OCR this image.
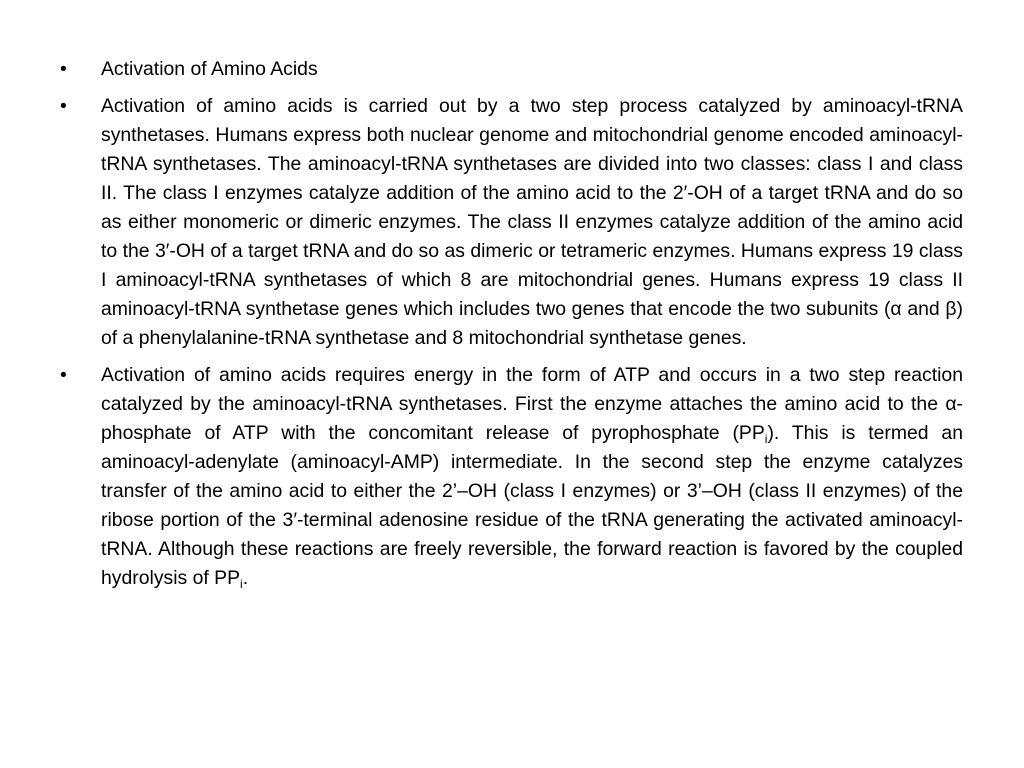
•	Activation of Amino Acids
•	Activation of amino acids is carried out by a two step process catalyzed by aminoacyl-tRNA synthetases. Humans express both nuclear genome and mitochondrial genome encoded aminoacyl-tRNA synthetases. The aminoacyl-tRNA synthetases are divided into two classes: class I and class II. The class I enzymes catalyze addition of the amino acid to the 2′-OH of a target tRNA and do so as either monomeric or dimeric enzymes. The class II enzymes catalyze addition of the amino acid to the 3′-OH of a target tRNA and do so as dimeric or tetrameric enzymes. Humans express 19 class I aminoacyl-tRNA synthetases of which 8 are mitochondrial genes. Humans express 19 class II aminoacyl-tRNA synthetase genes which includes two genes that encode the two subunits (α and β) of a phenylalanine-tRNA synthetase and 8 mitochondrial synthetase genes.
•	Activation of amino acids requires energy in the form of ATP and occurs in a two step reaction catalyzed by the aminoacyl-tRNA synthetases. First the enzyme attaches the amino acid to the α-phosphate of ATP with the concomitant release of pyrophosphate $(PP_i)$. This is termed an aminoacyl-adenylate (aminoacyl-AMP) intermediate. In the second step the enzyme catalyzes transfer of the amino acid to either the 2’–OH (class I enzymes) or 3’–OH (class II enzymes) of the ribose portion of the 3′-terminal adenosine residue of the tRNA generating the activated aminoacyl-tRNA. Although these reactions are freely reversible, the forward reaction is favored by the coupled hydrolysis of $PP_i$.
